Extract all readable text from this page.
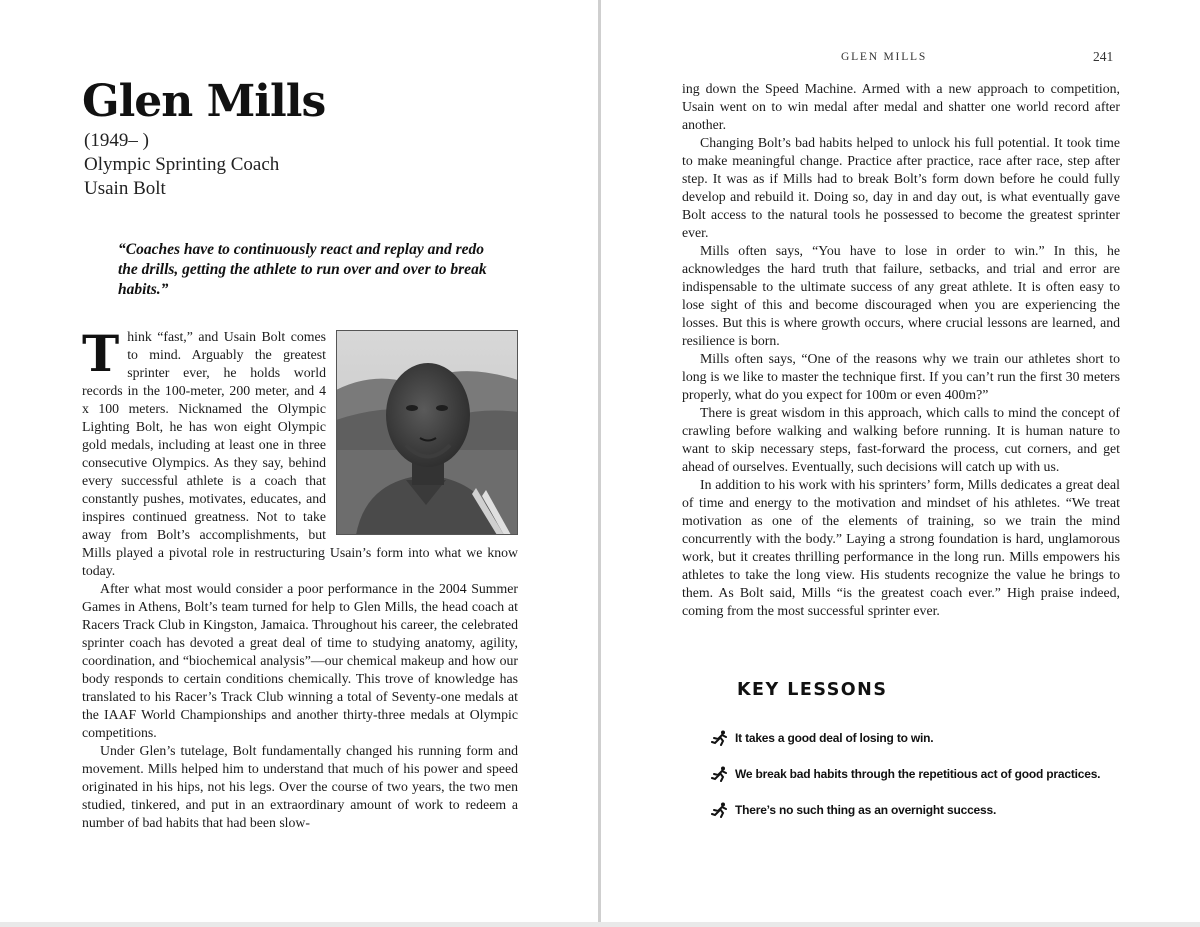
Glen Mills
(1949– )
Olympic Sprinting Coach
Usain Bolt
“Coaches have to continuously react and replay and redo the drills, getting the athlete to run over and over to break habits.”

Think “fast,” and Usain Bolt comes to mind. Arguably the greatest sprinter ever, he holds world records in the 100-meter, 200 meter, and 4 x 100 meters. Nicknamed the Olympic Lighting Bolt, he has won eight Olympic gold medals, including at least one in three consecutive Olympics. As they say, behind every successful athlete is a coach that constantly pushes, motivates, educates, and inspires continued greatness. Not to take away from Bolt’s accomplishments, but Mills played a pivotal role in restructuring Usain’s form into what we know today.

After what most would consider a poor performance in the 2004 Summer Games in Athens, Bolt’s team turned for help to Glen Mills, the head coach at Racers Track Club in Kingston, Jamaica. Throughout his career, the celebrated sprinter coach has devoted a great deal of time to studying anatomy, agility, coordination, and “biochemical analysis”—our chemical makeup and how our body responds to certain conditions chemically. This trove of knowledge has translated to his Racer’s Track Club winning a total of Seventy-one medals at the IAAF World Championships and another thirty-three medals at Olympic competitions.

Under Glen’s tutelage, Bolt fundamentally changed his running form and movement. Mills helped him to understand that much of his power and speed originated in his hips, not his legs. Over the course of two years, the two men studied, tinkered, and put in an extraordinary amount of work to redeem a number of bad habits that had been slow-

GLEN MILLS	241

ing down the Speed Machine. Armed with a new approach to competition, Usain went on to win medal after medal and shatter one world record after another.

Changing Bolt’s bad habits helped to unlock his full potential. It took time to make meaningful change. Practice after practice, race after race, step after step. It was as if Mills had to break Bolt’s form down before he could fully develop and rebuild it. Doing so, day in and day out, is what eventually gave Bolt access to the natural tools he possessed to become the greatest sprinter ever.

Mills often says, “You have to lose in order to win.” In this, he acknowledges the hard truth that failure, setbacks, and trial and error are indispensable to the ultimate success of any great athlete. It is often easy to lose sight of this and become discouraged when you are experiencing the losses. But this is where growth occurs, where crucial lessons are learned, and resilience is born.

Mills often says, “One of the reasons why we train our athletes short to long is we like to master the technique first. If you can’t run the first 30 meters properly, what do you expect for 100m or even 400m?”

There is great wisdom in this approach, which calls to mind the concept of crawling before walking and walking before running. It is human nature to want to skip necessary steps, fast-forward the process, cut corners, and get ahead of ourselves. Eventually, such decisions will catch up with us.

In addition to his work with his sprinters’ form, Mills dedicates a great deal of time and energy to the motivation and mindset of his athletes. “We treat motivation as one of the elements of training, so we train the mind concurrently with the body.” Laying a strong foundation is hard, unglamorous work, but it creates thrilling performance in the long run. Mills empowers his athletes to take the long view. His students recognize the value he brings to them. As Bolt said, Mills “is the greatest coach ever.” High praise indeed, coming from the most successful sprinter ever.

KEY LESSONS
It takes a good deal of losing to win.
We break bad habits through the repetitious act of good practices.
There’s no such thing as an overnight success.
